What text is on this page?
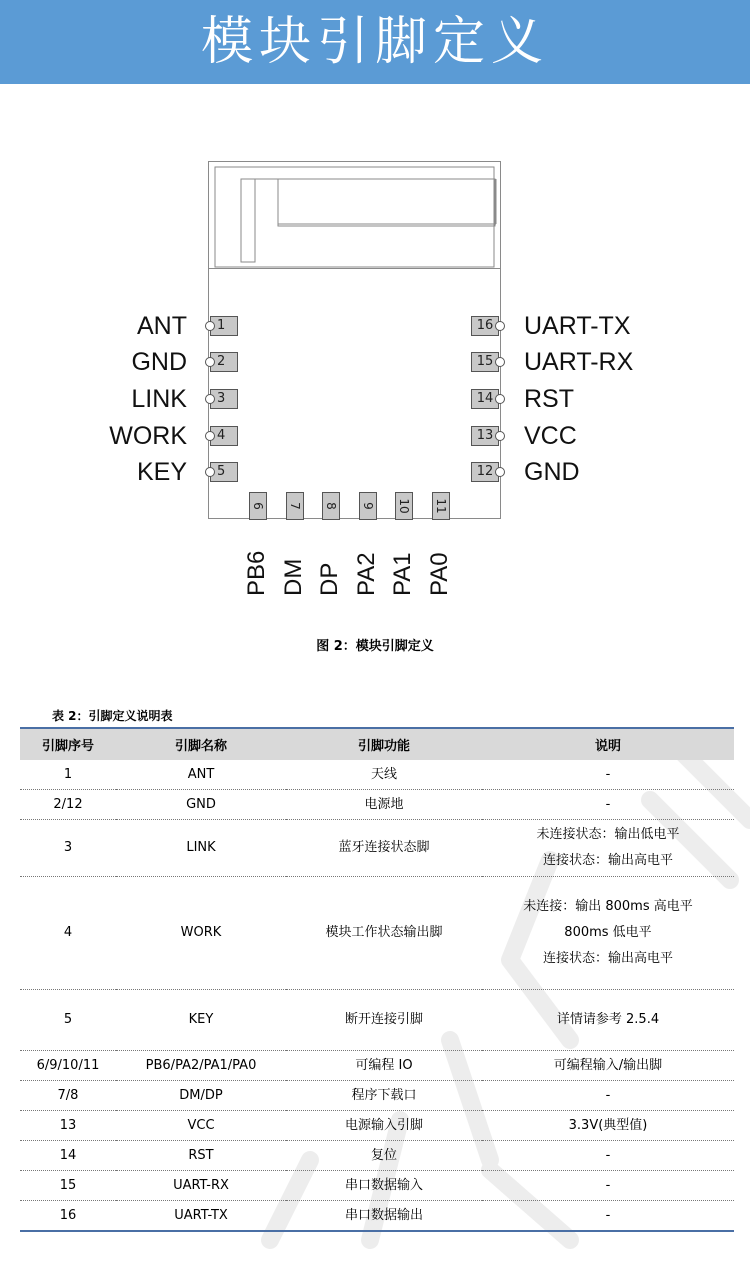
模块引脚定义
1
ANT
2
GND
3
LINK
4
WORK
5
KEY
16 UART-TX
15 UART-RX
14 RST
13 VCC
12 GND
6
PB6
7
DM
8
DP
9
PA2
10
PA1
11
PA0
图 2：模块引脚定义
表 2：引脚定义说明表
引脚序号	引脚名称	引脚功能	说明
1	ANT	天线	-
2/12	GND	电源地	-
3	LINK	蓝牙连接状态脚	未连接状态：输出低电平
连接状态：输出高电平
4	WORK	模块工作状态输出脚	未连接：输出 800ms 高电平
800ms 低电平
连接状态：输出高电平
5	KEY	断开连接引脚	详情请参考 2.5.4
6/9/10/11	PB6/PA2/PA1/PA0	可编程 IO	可编程输入/输出脚
7/8	DM/DP	程序下载口	-
13	VCC	电源输入引脚	3.3V(典型值)
14	RST	复位	-
15	UART-RX	串口数据输入	-
16	UART-TX	串口数据输出	-
